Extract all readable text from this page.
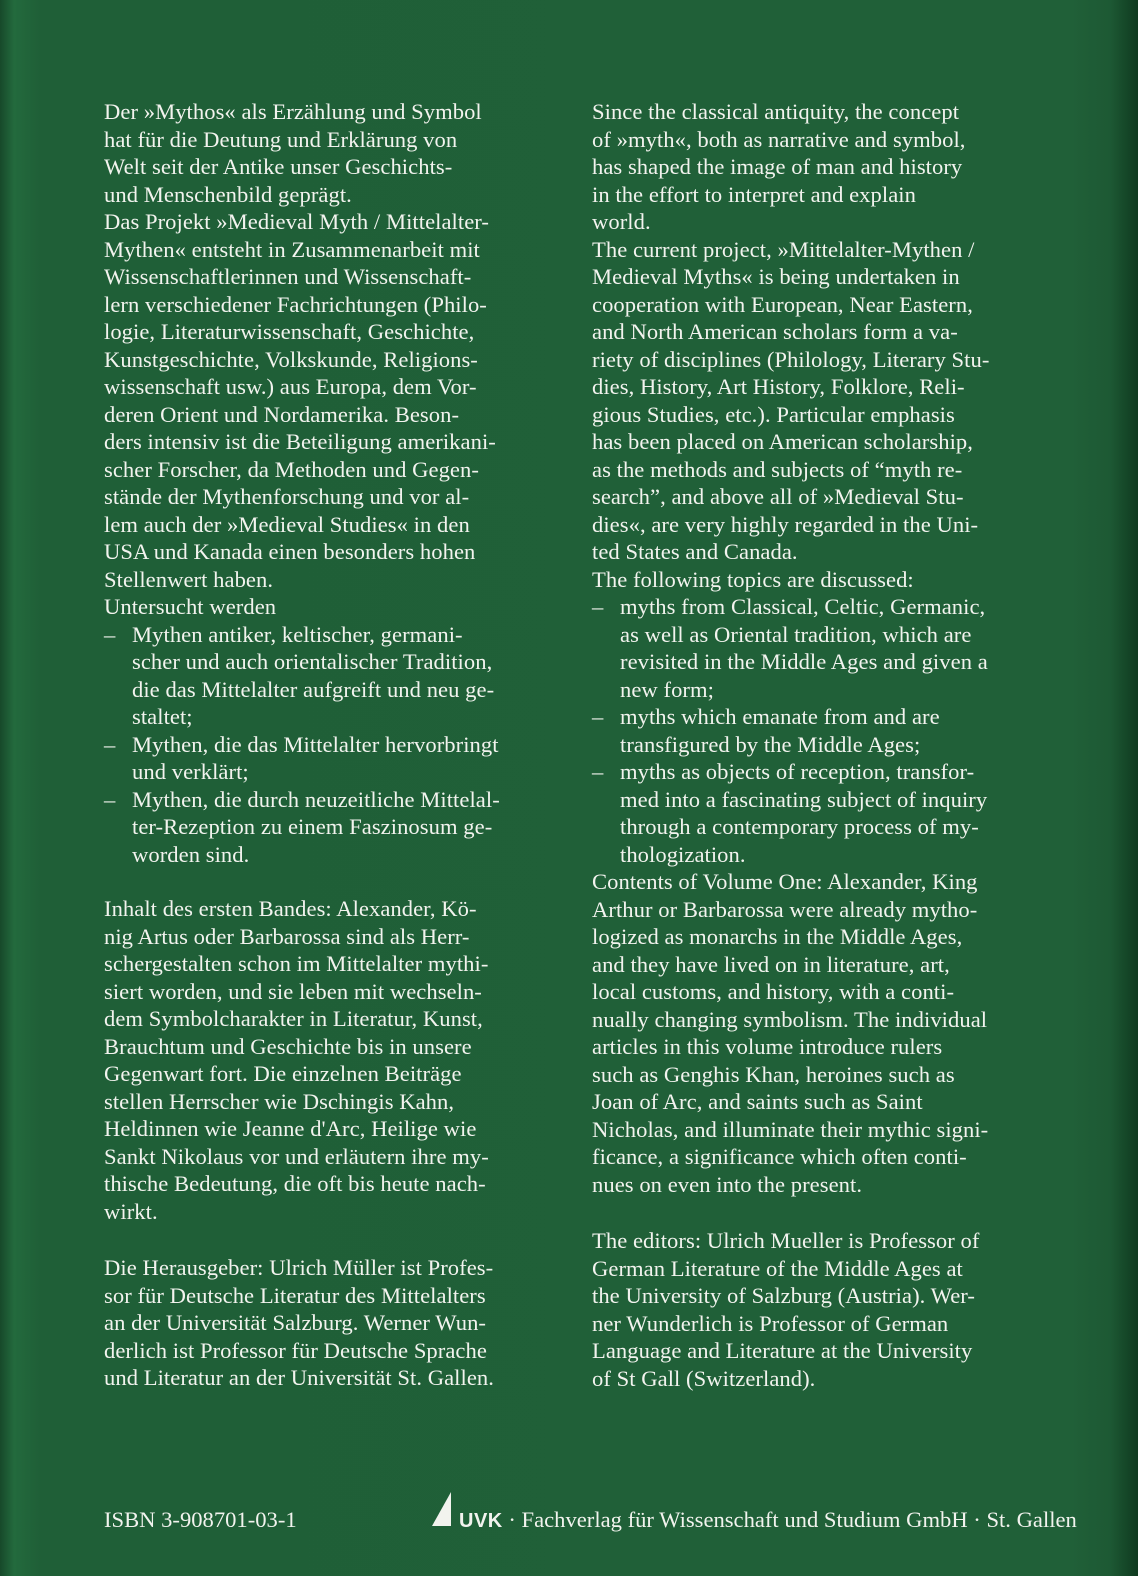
Der »Mythos« als Erzählung und Symbol
hat für die Deutung und Erklärung von
Welt seit der Antike unser Geschichts-
und Menschenbild geprägt.
Das Projekt »Medieval Myth / Mittelalter-
Mythen« entsteht in Zusammenarbeit mit
Wissenschaftlerinnen und Wissenschaft-
lern verschiedener Fachrichtungen (Philo-
logie, Literaturwissenschaft, Geschichte,
Kunstgeschichte, Volkskunde, Religions-
wissenschaft usw.) aus Europa, dem Vor-
deren Orient und Nordamerika. Beson-
ders intensiv ist die Beteiligung amerikani-
scher Forscher, da Methoden und Gegen-
stände der Mythenforschung und vor al-
lem auch der »Medieval Studies« in den
USA und Kanada einen besonders hohen
Stellenwert haben.
Untersucht werden
– Mythen antiker, keltischer, germani-
scher und auch orientalischer Tradition,
die das Mittelalter aufgreift und neu ge-
staltet;
– Mythen, die das Mittelalter hervorbringt
und verklärt;
– Mythen, die durch neuzeitliche Mittelal-
ter-Rezeption zu einem Faszinosum ge-
worden sind.
Inhalt des ersten Bandes: Alexander, Kö-
nig Artus oder Barbarossa sind als Herr-
schergestalten schon im Mittelalter mythi-
siert worden, und sie leben mit wechseln-
dem Symbolcharakter in Literatur, Kunst,
Brauchtum und Geschichte bis in unsere
Gegenwart fort. Die einzelnen Beiträge
stellen Herrscher wie Dschingis Kahn,
Heldinnen wie Jeanne d'Arc, Heilige wie
Sankt Nikolaus vor und erläutern ihre my-
thische Bedeutung, die oft bis heute nach-
wirkt.
Die Herausgeber: Ulrich Müller ist Profes-
sor für Deutsche Literatur des Mittelalters
an der Universität Salzburg. Werner Wun-
derlich ist Professor für Deutsche Sprache
und Literatur an der Universität St. Gallen.
Since the classical antiquity, the concept
of »myth«, both as narrative and symbol,
has shaped the image of man and history
in the effort to interpret and explain
world.
The current project, »Mittelalter-Mythen /
Medieval Myths« is being undertaken in
cooperation with European, Near Eastern,
and North American scholars form a va-
riety of disciplines (Philology, Literary Stu-
dies, History, Art History, Folklore, Reli-
gious Studies, etc.). Particular emphasis
has been placed on American scholarship,
as the methods and subjects of “myth re-
search”, and above all of »Medieval Stu-
dies«, are very highly regarded in the Uni-
ted States and Canada.
The following topics are discussed:
– myths from Classical, Celtic, Germanic,
as well as Oriental tradition, which are
revisited in the Middle Ages and given a
new form;
– myths which emanate from and are
transfigured by the Middle Ages;
– myths as objects of reception, transfor-
med into a fascinating subject of inquiry
through a contemporary process of my-
thologization.
Contents of Volume One: Alexander, King
Arthur or Barbarossa were already mytho-
logized as monarchs in the Middle Ages,
and they have lived on in literature, art,
local customs, and history, with a conti-
nually changing symbolism. The individual
articles in this volume introduce rulers
such as Genghis Khan, heroines such as
Joan of Arc, and saints such as Saint
Nicholas, and illuminate their mythic signi-
ficance, a significance which often conti-
nues on even into the present.
The editors: Ulrich Mueller is Professor of
German Literature of the Middle Ages at
the University of Salzburg (Austria). Wer-
ner Wunderlich is Professor of German
Language and Literature at the University
of St Gall (Switzerland).
ISBN 3-908701-03-1	UVK · Fachverlag für Wissenschaft und Studium GmbH · St. Gallen
